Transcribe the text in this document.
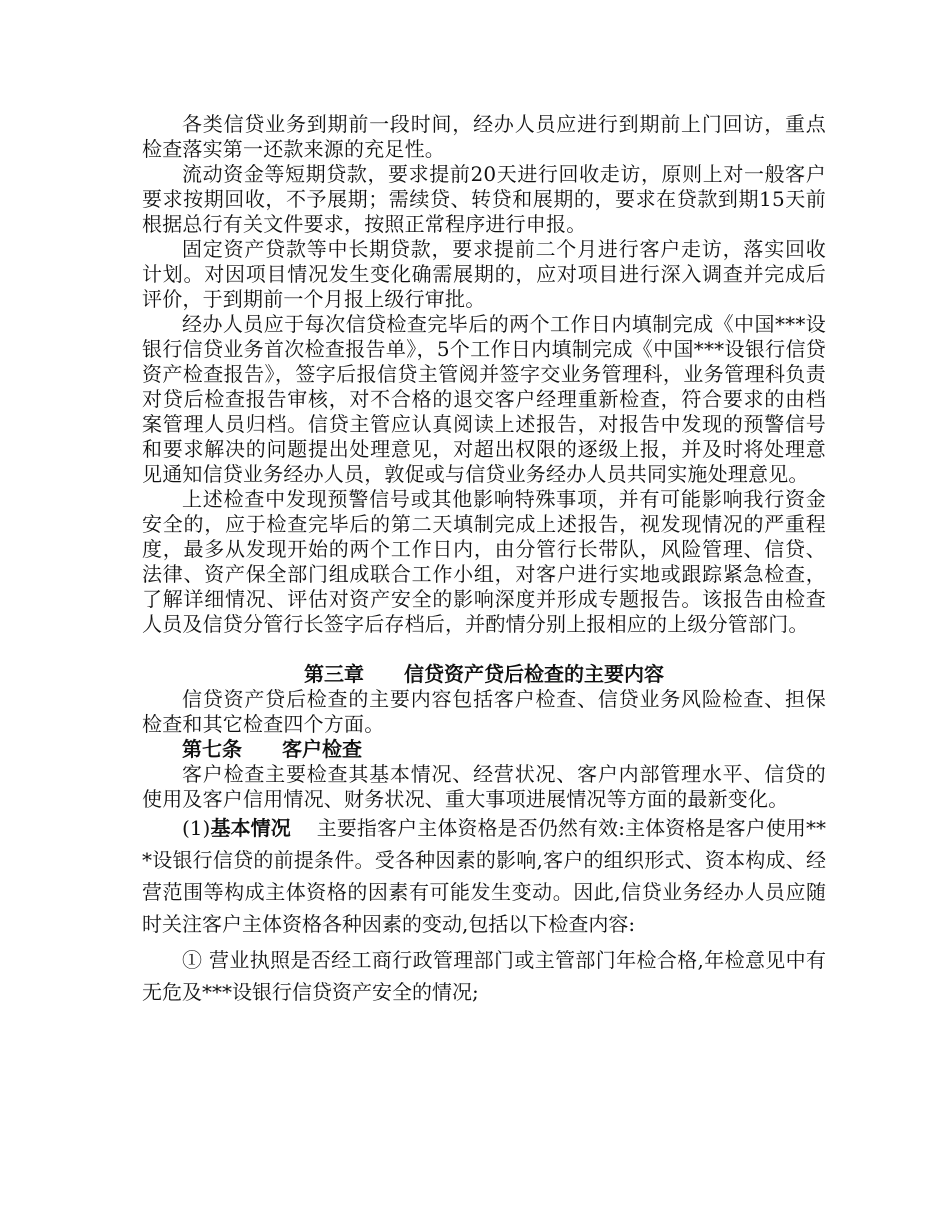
各类信贷业务到期前一段时间，经办人员应进行到期前上门回访，重点检查落实第一还款来源的充足性。

流动资金等短期贷款，要求提前20天进行回收走访，原则上对一般客户要求按期回收，不予展期；需续贷、转贷和展期的，要求在贷款到期15天前根据总行有关文件要求，按照正常程序进行申报。

固定资产贷款等中长期贷款，要求提前二个月进行客户走访，落实回收计划。对因项目情况发生变化确需展期的，应对项目进行深入调查并完成后评价，于到期前一个月报上级行审批。

经办人员应于每次信贷检查完毕后的两个工作日内填制完成《中国***设银行信贷业务首次检查报告单》，5个工作日内填制完成《中国***设银行信贷资产检查报告》，签字后报信贷主管阅并签字交业务管理科，业务管理科负责对贷后检查报告审核，对不合格的退交客户经理重新检查，符合要求的由档案管理人员归档。信贷主管应认真阅读上述报告，对报告中发现的预警信号和要求解决的问题提出处理意见，对超出权限的逐级上报，并及时将处理意见通知信贷业务经办人员，敦促或与信贷业务经办人员共同实施处理意见。

上述检查中发现预警信号或其他影响特殊事项，并有可能影响我行资金安全的，应于检查完毕后的第二天填制完成上述报告，视发现情况的严重程度，最多从发现开始的两个工作日内，由分管行长带队，风险管理、信贷、法律、资产保全部门组成联合工作小组，对客户进行实地或跟踪紧急检查，了解详细情况、评估对资产安全的影响深度并形成专题报告。该报告由检查人员及信贷分管行长签字后存档后，并酌情分别上报相应的上级分管部门。

第三章 信贷资产贷后检查的主要内容

信贷资产贷后检查的主要内容包括客户检查、信贷业务风险检查、担保检查和其它检查四个方面。

第七条 客户检查

客户检查主要检查其基本情况、经营状况、客户内部管理水平、信贷的使用及客户信用情况、财务状况、重大事项进展情况等方面的最新变化。

(1)基本情况 主要指客户主体资格是否仍然有效:主体资格是客户使用***设银行信贷的前提条件。受各种因素的影响,客户的组织形式、资本构成、经营范围等构成主体资格的因素有可能发生变动。因此,信贷业务经办人员应随时关注客户主体资格各种因素的变动,包括以下检查内容:

① 营业执照是否经工商行政管理部门或主管部门年检合格,年检意见中有无危及***设银行信贷资产安全的情况;
